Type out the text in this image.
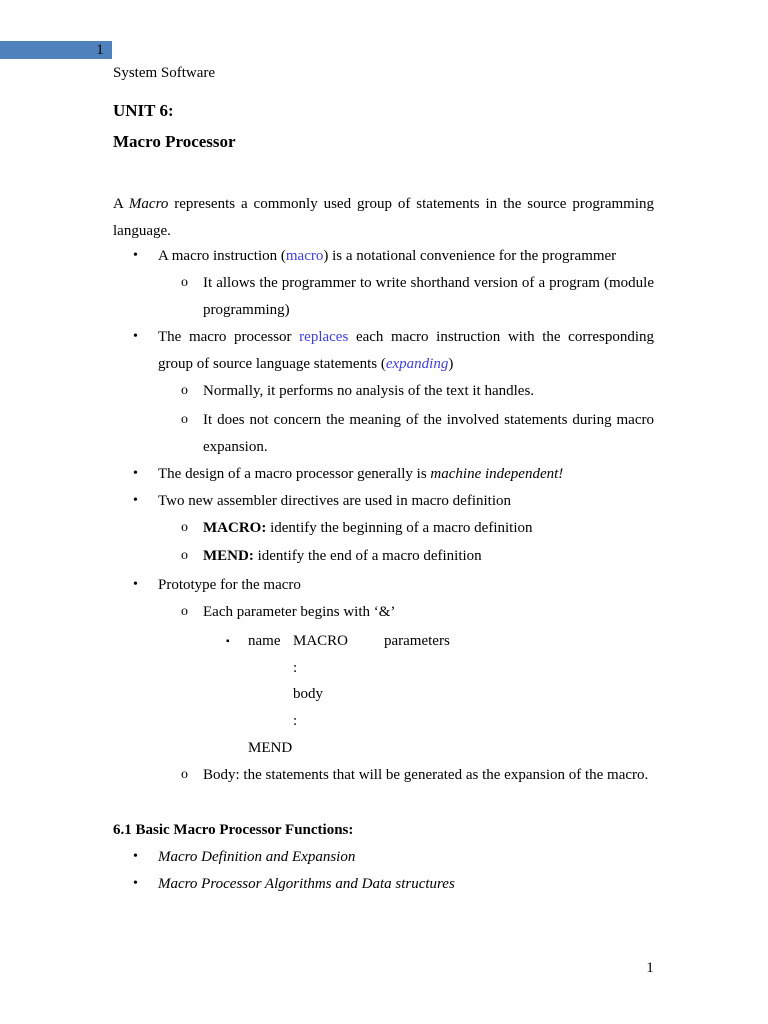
1
System Software
UNIT 6:
Macro Processor
A Macro represents a commonly used group of statements in the source programming language.
• A macro instruction (macro) is a notational convenience for the programmer
o It allows the programmer to write shorthand version of a program (module programming)
• The macro processor replaces each macro instruction with the corresponding group of source language statements (expanding)
o Normally, it performs no analysis of the text it handles.
o It does not concern the meaning of the involved statements during macro expansion.
• The design of a macro processor generally is machine independent!
• Two new assembler directives are used in macro definition
o MACRO: identify the beginning of a macro definition
o MEND: identify the end of a macro definition
• Prototype for the macro
o Each parameter begins with ‘&’
▪ name MACRO parameters
:
body
:
MEND
o Body: the statements that will be generated as the expansion of the macro.
6.1 Basic Macro Processor Functions:
• Macro Definition and Expansion
• Macro Processor Algorithms and Data structures
1
